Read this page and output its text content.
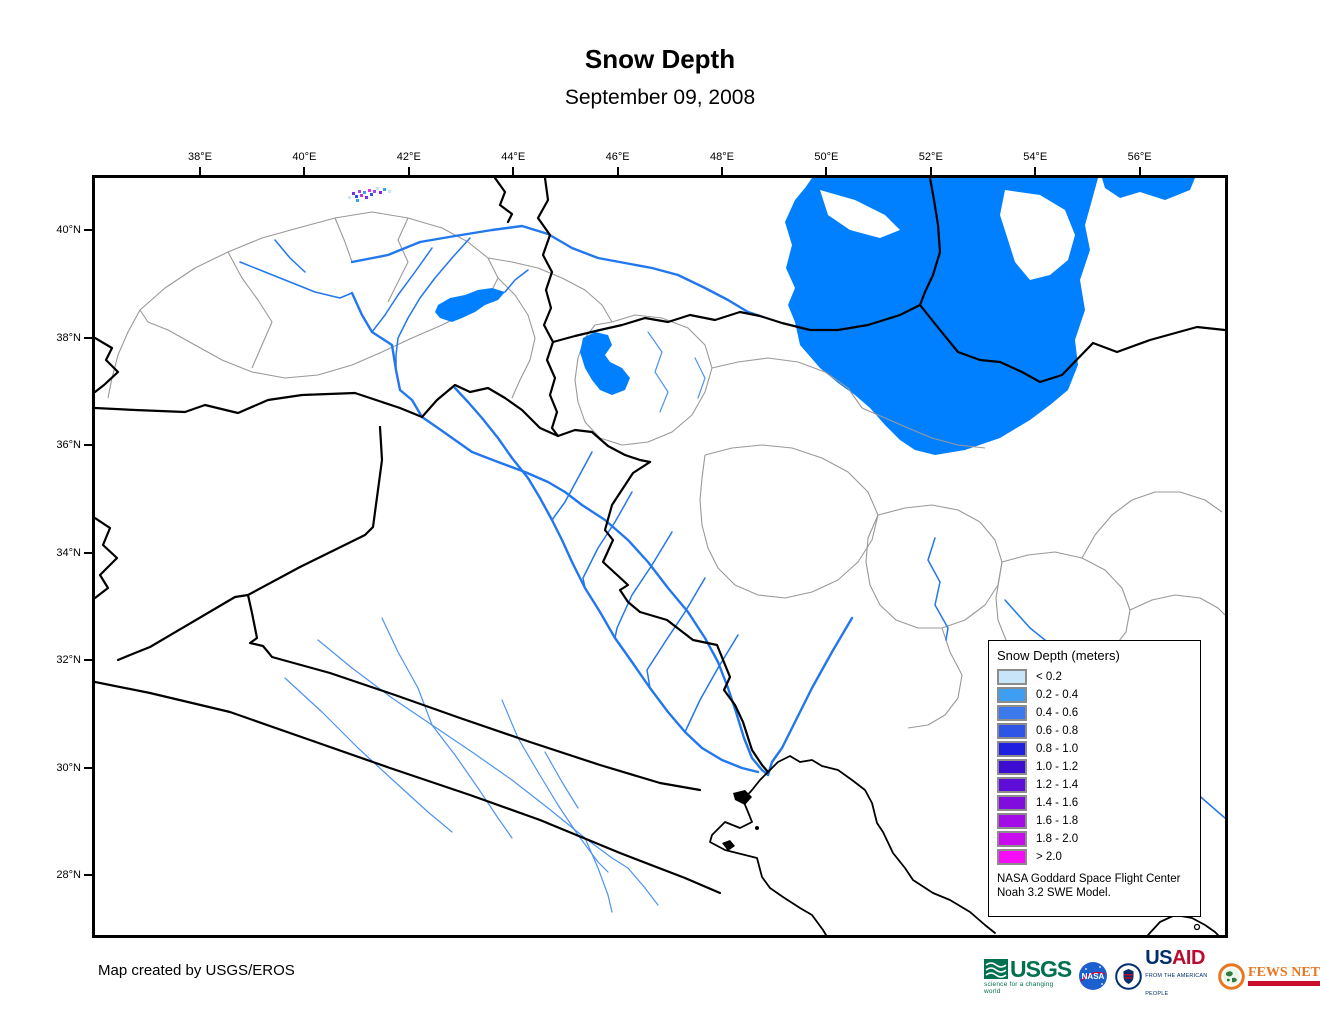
Snow Depth
September 09, 2008
38°E	40°E	42°E	44°E	46°E	48°E	50°E	52°E	54°E	56°E
40°N
38°N
36°N
34°N
32°N
30°N
28°N
Snow Depth (meters)
< 0.2
0.2 - 0.4
0.4 - 0.6
0.6 - 0.8
0.8 - 1.0
1.0 - 1.2
1.2 - 1.4
1.4 - 1.6
1.6 - 1.8
1.8 - 2.0
> 2.0
NASA Goddard Space Flight Center
Noah 3.2 SWE Model.
Map created by USGS/EROS	USGS
science for a changing world
NASA
USAID
FROM THE AMERICAN PEOPLE
FEWS NET
